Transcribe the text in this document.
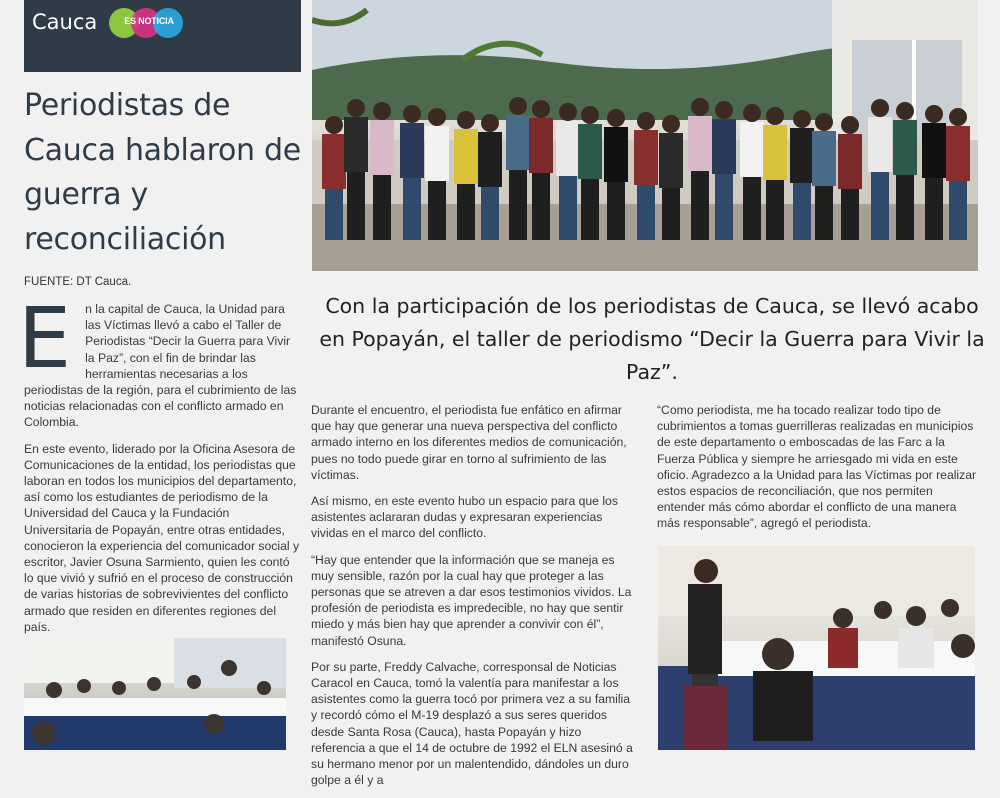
Cauca	ES NOTICIA
Periodistas de Cauca hablaron de guerra y reconciliación
FUENTE: DT Cauca.

E n la capital de Cauca, la Unidad para las Víctimas llevó a cabo el Taller de Periodistas “Decir la Guerra para Vivir la Paz”, con el fin de brindar las herramientas necesarias a los periodistas de la región, para el cubrimiento de las noticias relacionadas con el conflicto armado en Colombia.

En este evento, liderado por la Oficina Asesora de Comunicaciones de la entidad, los periodistas que laboran en todos los municipios del departamento, así como los estudiantes de periodismo de la Universidad del Cauca y la Fundación Universitaria de Popayán, entre otras entidades, conocieron la experiencia del comunicador social y escritor, Javier Osuna Sarmiento, quien les contó lo que vivió y sufrió en el proceso de construcción de varias historias de sobrevivientes del conflicto armado que residen en diferentes regiones del país.

Con la participación de los periodistas de Cauca, se llevó acabo en Popayán, el taller de periodismo “Decir la Guerra para Vivir la Paz”.

Durante el encuentro, el periodista fue enfático en afirmar que hay que generar una nueva perspectiva del conflicto armado interno en los diferentes medios de comunicación, pues no todo puede girar en torno al sufrimiento de las víctimas.

Así mismo, en este evento hubo un espacio para que los asistentes aclararan dudas y expresaran experiencias vividas en el marco del conflicto.

“Hay que entender que la información que se maneja es muy sensible, razón por la cual hay que proteger a las personas que se atreven a dar esos testimonios vividos. La profesión de periodista es impredecible, no hay que sentir miedo y más bien hay que aprender a convivir con él”, manifestó Osuna.

Por su parte, Freddy Calvache, corresponsal de Noticias Caracol en Cauca, tomó la valentía para manifestar a los asistentes como la guerra tocó por primera vez a su familia y recordó cómo el M-19 desplazó a sus seres queridos desde Santa Rosa (Cauca), hasta Popayán y hizo referencia a que el 14 de octubre de 1992 el ELN asesinó a su hermano menor por un malentendido, dándoles un duro golpe a él y a

“Como periodista, me ha tocado realizar todo tipo de cubrimientos a tomas guerrilleras realizadas en municipios de este departamento o emboscadas de las Farc a la Fuerza Pública y siempre he arriesgado mi vida en este oficio. Agradezco a la Unidad para las Víctimas por realizar estos espacios de reconciliación, que nos permiten entender más cómo abordar el conflicto de una manera más responsable”, agregó el periodista.
